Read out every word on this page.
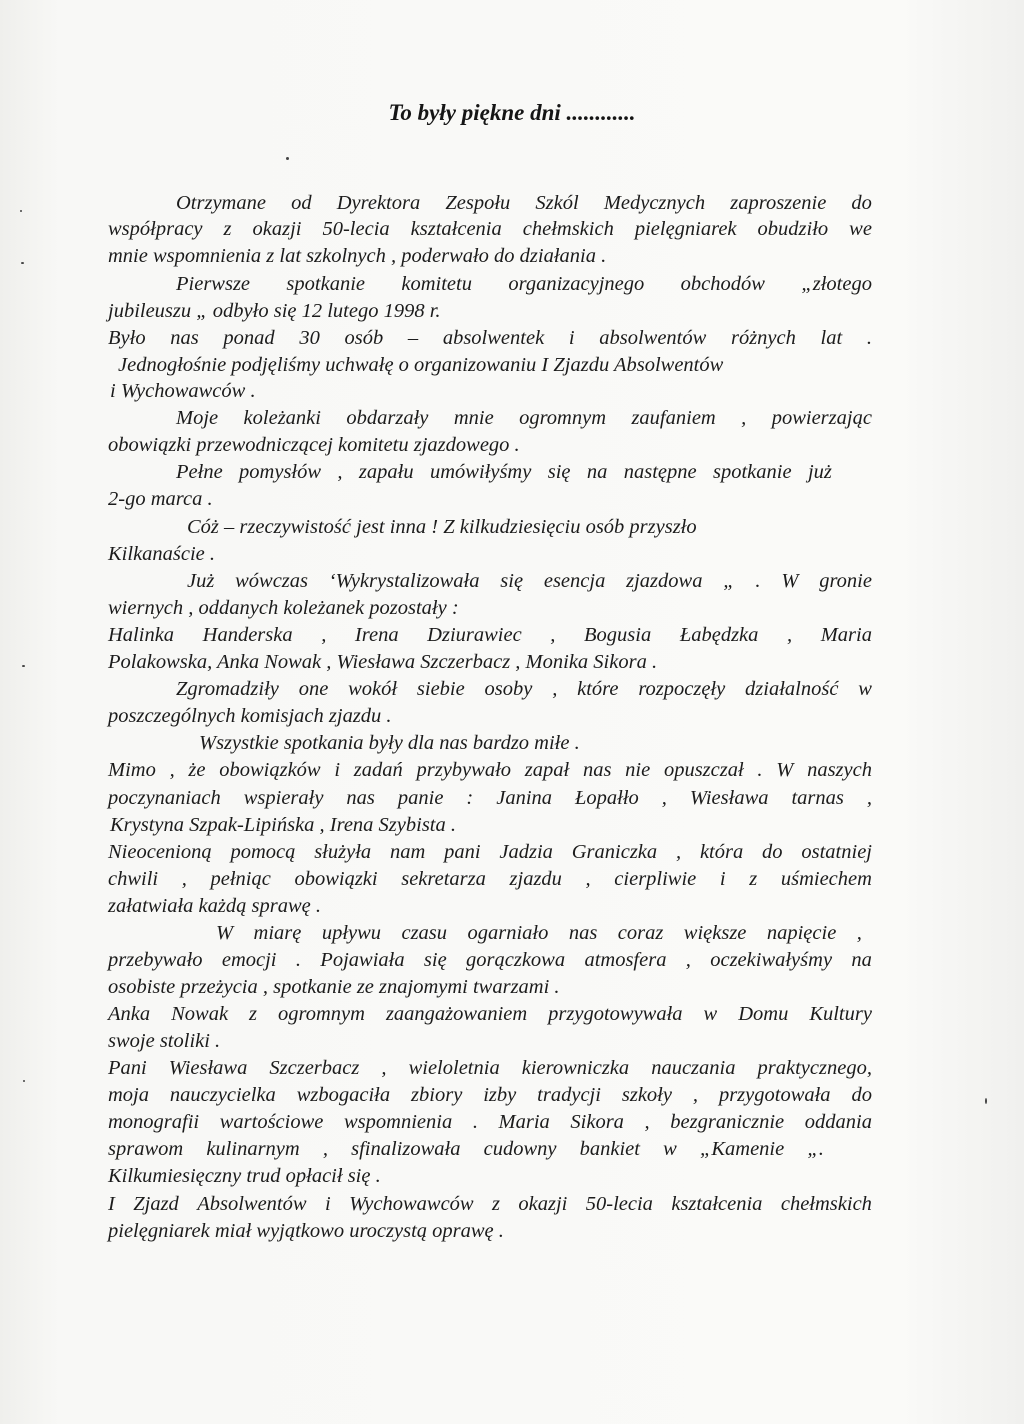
To były piękne dni ............
Otrzymane od Dyrektora Zespołu Szkól Medycznych zaproszenie do
współpracy z okazji 50-lecia kształcenia chełmskich pielęgniarek obudziło we
mnie wspomnienia z lat szkolnych , poderwało do działania .
Pierwsze spotkanie komitetu organizacyjnego obchodów „złotego
jubileuszu „ odbyło się 12 lutego 1998 r.
Było nas ponad 30 osób – absolwentek i absolwentów różnych lat .
Jednogłośnie podjęliśmy uchwałę o organizowaniu I Zjazdu Absolwentów
i Wychowawców .
Moje koleżanki obdarzały mnie ogromnym zaufaniem , powierzając
obowiązki przewodniczącej komitetu zjazdowego .
Pełne pomysłów , zapału umówiłyśmy się na następne spotkanie już
2-go marca .
Cóż – rzeczywistość jest inna ! Z kilkudziesięciu osób przyszło
Kilkanaście .
Już wówczas ‘Wykrystalizowała się esencja zjazdowa „ . W gronie
wiernych , oddanych koleżanek pozostały :
Halinka Handerska , Irena Dziurawiec , Bogusia Łabędzka , Maria
Polakowska, Anka Nowak , Wiesława Szczerbacz , Monika Sikora .
Zgromadziły one wokół siebie osoby , które rozpoczęły działalność w
poszczególnych komisjach zjazdu .
Wszystkie spotkania były dla nas bardzo miłe .
Mimo , że obowiązków i zadań przybywało zapał nas nie opuszczał . W naszych
poczynaniach wspierały nas panie : Janina Łopałło , Wiesława tarnas ,
Krystyna Szpak-Lipińska , Irena Szybista .
Nieocenioną pomocą służyła nam pani Jadzia Graniczka , która do ostatniej
chwili , pełniąc obowiązki sekretarza zjazdu , cierpliwie i z uśmiechem
załatwiała każdą sprawę .
W miarę upływu czasu ogarniało nas coraz większe napięcie ,
przebywało emocji . Pojawiała się gorączkowa atmosfera , oczekiwałyśmy na
osobiste przeżycia , spotkanie ze znajomymi twarzami .
Anka Nowak z ogromnym zaangażowaniem przygotowywała w Domu Kultury
swoje stoliki .
Pani Wiesława Szczerbacz , wieloletnia kierowniczka nauczania praktycznego,
moja nauczycielka wzbogaciła zbiory izby tradycji szkoły , przygotowała do
monografii wartościowe wspomnienia . Maria Sikora , bezgranicznie oddania
sprawom kulinarnym , sfinalizowała cudowny bankiet w „Kamenie „.
Kilkumiesięczny trud opłacił się .
I Zjazd Absolwentów i Wychowawców z okazji 50-lecia kształcenia chełmskich
pielęgniarek miał wyjątkowo uroczystą oprawę .
